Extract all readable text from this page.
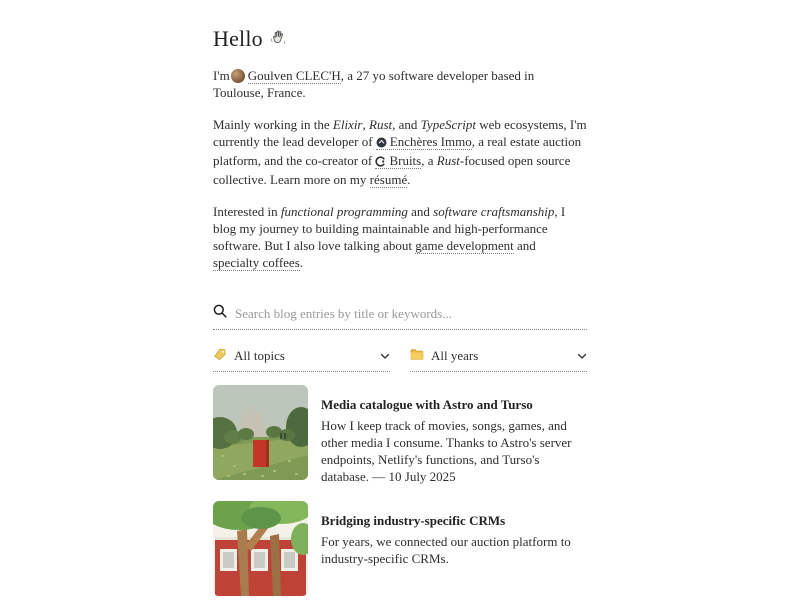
Hello

I'm Goulven CLEC'H, a 27 yo software developer based in Toulouse, France.

Mainly working in the Elixir, Rust, and TypeScript web ecosystems, I'm currently the lead developer of Enchères Immo, a real estate auction platform, and the co-creator of Bruits, a Rust-focused open source collective. Learn more on my résumé.

Interested in functional programming and software craftsmanship, I blog my journey to building maintainable and high-performance software. But I also love talking about game development and specialty coffees.

Search blog entries by title or keywords...
All topics	All years
Media catalogue with Astro and Turso
How I keep track of movies, songs, games, and other media I consume. Thanks to Astro's server endpoints, Netlify's functions, and Turso's database. — 10 July 2025
Bridging industry-specific CRMs
For years, we connected our auction platform to industry-specific CRMs.
